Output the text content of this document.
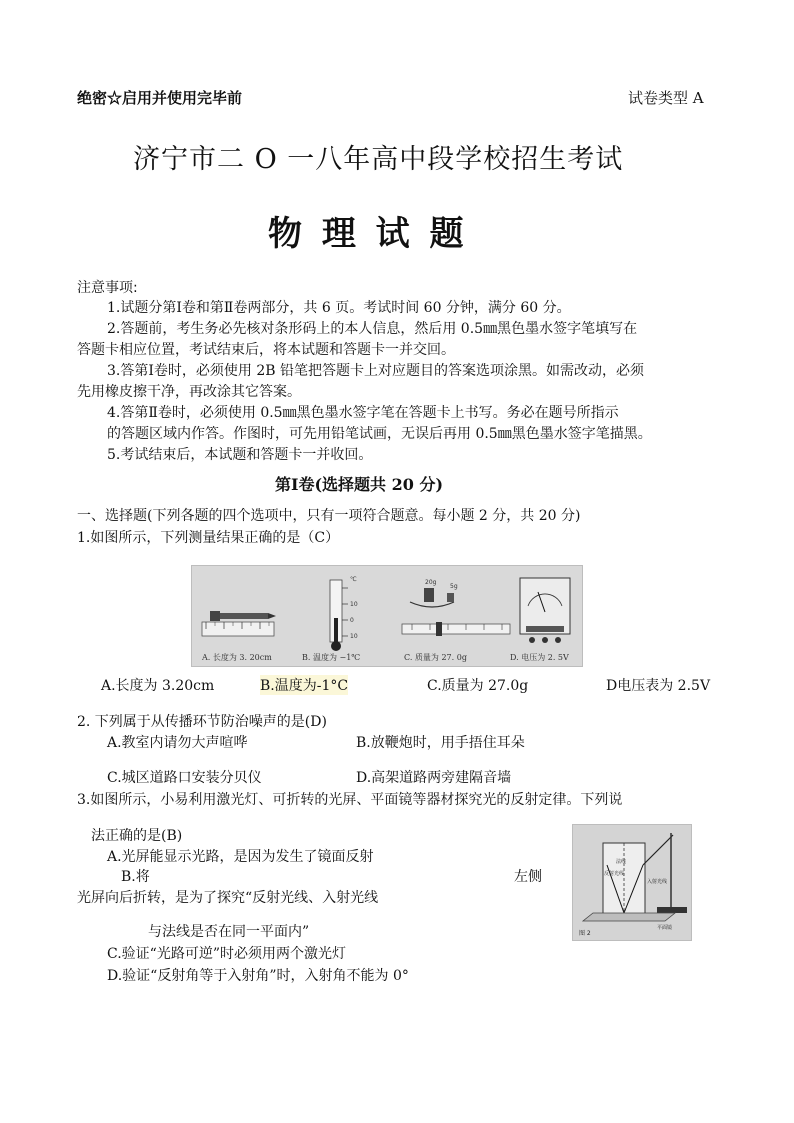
绝密☆启用并使用完毕前	试卷类型 A
济宁市二 O 一八年高中段学校招生考试
物 理 试 题
注意事项:
1.试题分第Ⅰ卷和第Ⅱ卷两部分，共 6 页。考试时间 60 分钟，满分 60 分。
2.答题前，考生务必先核对条形码上的本人信息，然后用 0.5㎜黑色墨水签字笔填写在
答题卡相应位置，考试结束后，将本试题和答题卡一并交回。
3.答第Ⅰ卷时，必须使用 2B 铅笔把答题卡上对应题目的答案选项涂黑。如需改动，必须
先用橡皮擦干净，再改涂其它答案。
4.答第Ⅱ卷时，必须使用 0.5㎜黑色墨水签字笔在答题卡上书写。务必在题号所指示
的答题区域内作答。作图时，可先用铅笔试画，无误后再用 0.5㎜黑色墨水签字笔描黑。
5.考试结束后，本试题和答题卡一并收回。
第Ⅰ卷(选择题共 20 分)
一、选择题(下列各题的四个选项中，只有一项符合题意。每小题 2 分，共 20 分)
1.如图所示，下列测量结果正确的是（C）
℃
10
0
10
20g
5g
A. 长度为 3. 20cm	B. 温度为 −1℃	C. 质量为 27. 0g	D. 电压为 2. 5V
A.长度为 3.20cm	B.温度为-1°C	C.质量为 27.0g	D电压表为 2.5V
2. 下列属于从传播环节防治噪声的是(D)
A.教室内请勿大声喧哗	B.放鞭炮时，用手捂住耳朵
C.城区道路口安装分贝仪	D.高架道路两旁建隔音墙
3.如图所示，小易利用激光灯、可折转的光屏、平面镜等器材探究光的反射定律。下列说
法正确的是(B)
A.光屏能显示光路，是因为发生了镜面反射
B.将	左侧
光屏向后折转，是为了探究“反射光线、入射光线
与法线是否在同一平面内”
C.验证“光路可逆”时必须用两个激光灯
D.验证“反射角等于入射角”时，入射角不能为 0°
反射光线
法线
入射光线
平面镜
图 2
